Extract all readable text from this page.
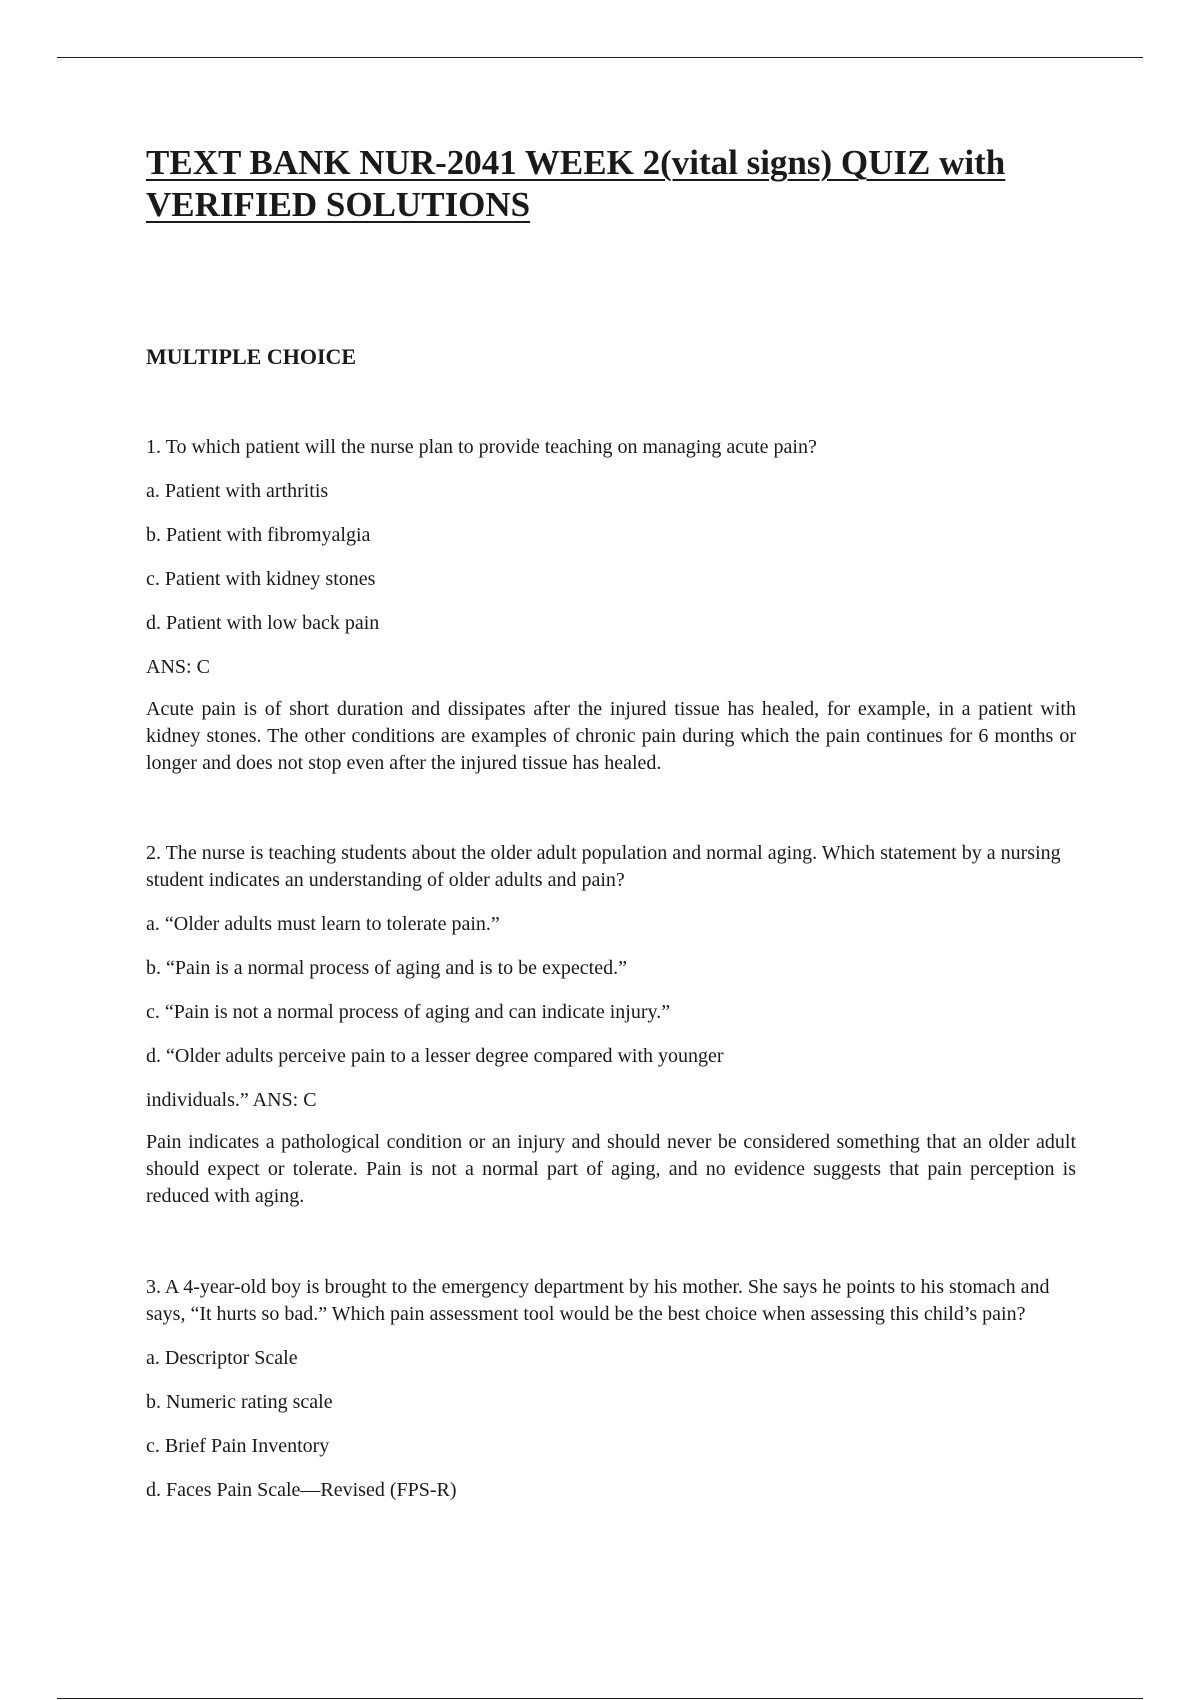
TEXT BANK NUR-2041 WEEK 2(vital signs) QUIZ with
VERIFIED SOLUTIONS
MULTIPLE CHOICE

1. To which patient will the nurse plan to provide teaching on managing acute pain?

a. Patient with arthritis

b. Patient with fibromyalgia

c. Patient with kidney stones

d. Patient with low back pain

ANS: C

Acute pain is of short duration and dissipates after the injured tissue has healed, for example, in a patient with kidney stones. The other conditions are examples of chronic pain during which the pain continues for 6 months or longer and does not stop even after the injured tissue has healed.

2. The nurse is teaching students about the older adult population and normal aging. Which statement by a nursing student indicates an understanding of older adults and pain?

a. “Older adults must learn to tolerate pain.”

b. “Pain is a normal process of aging and is to be expected.”

c. “Pain is not a normal process of aging and can indicate injury.”

d. “Older adults perceive pain to a lesser degree compared with younger

individuals.” ANS: C

Pain indicates a pathological condition or an injury and should never be considered something that an older adult should expect or tolerate. Pain is not a normal part of aging, and no evidence suggests that pain perception is reduced with aging.

3. A 4-year-old boy is brought to the emergency department by his mother. She says he points to his stomach and says, “It hurts so bad.” Which pain assessment tool would be the best choice when assessing this child’s pain?

a. Descriptor Scale

b. Numeric rating scale

c. Brief Pain Inventory

d. Faces Pain Scale—Revised (FPS-R)
